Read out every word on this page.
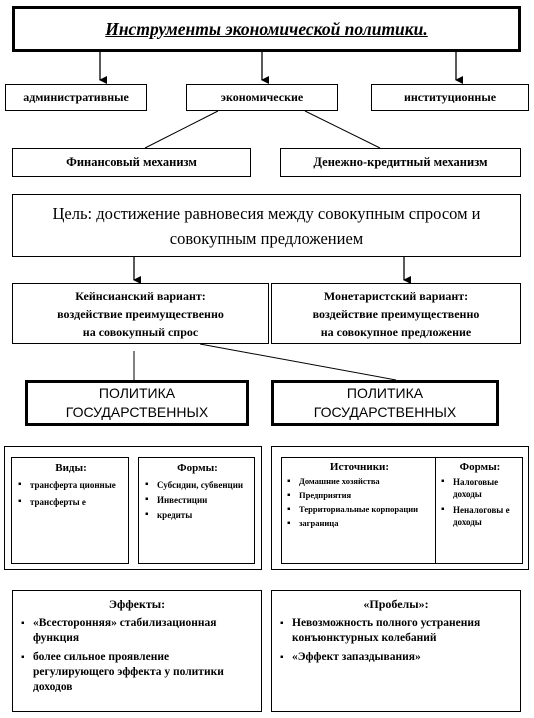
Инструменты экономической политики.
административные	экономические	институционные
Финансовый механизм	Денежно-кредитный механизм
Цель: достижение равновесия между совокупным спросом и совокупным предложением
Кейнсианский вариант:
воздействие преимущественно
на совокупный спрос
Монетаристский вариант:
воздействие преимущественно
на совокупное предложение
ПОЛИТИКА
ГОСУДАРСТВЕННЫХ
ПОЛИТИКА
ГОСУДАРСТВЕННЫХ
Виды:
▪ трансферта ционные
▪ трансферты е
Формы:
▪ Субсидии, субвенции
▪ Инвестиции
▪ кредиты
Источники:
▪ Домашние хозяйства
▪ Предприятия
▪ Территориальные корпорации
▪ заграница
Формы:
▪ Налоговые доходы
▪ Неналоговы е доходы
Эффекты:
▪ «Всесторонняя» стабилизационная функция
▪ более сильное проявление регулирующего эффекта у политики доходов
«Пробелы»:
▪ Невозможность полного устранения конъюнктурных колебаний
▪ «Эффект запаздывания»
